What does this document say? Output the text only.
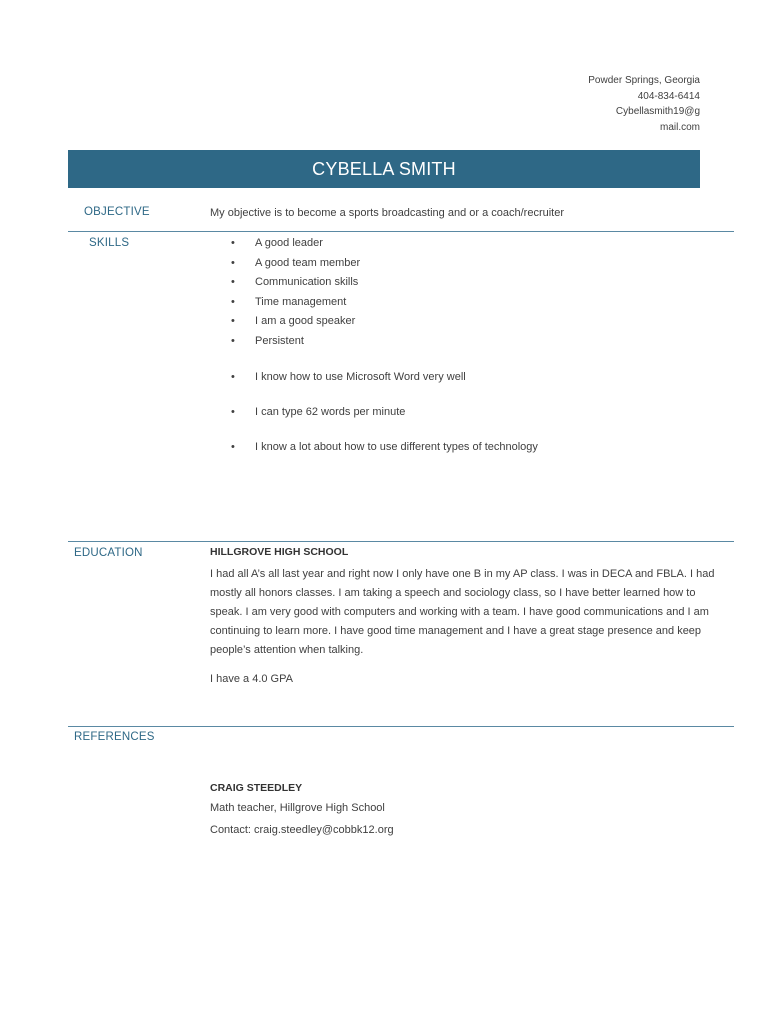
Powder Springs, Georgia
404-834-6414
Cybellasmith19@g
mail.com
CYBELLA SMITH
OBJECTIVE	My objective is to become a sports broadcasting and or a coach/recruiter
SKILLS
•	A good leader
• A good team member
• Communication skills
• Time management
• I am a good speaker
• Persistent
• I know how to use Microsoft Word very well
• I can type 62 words per minute
• I know a lot about how to use different types of technology
EDUCATION	HILLGROVE HIGH SCHOOL
I had all A’s all last year and right now I only have one B in my AP class. I was in DECA and FBLA. I had mostly all honors classes. I am taking a speech and sociology class, so I have better learned how to speak. I am very good with computers and working with a team. I have good communications and I am continuing to learn more. I have good time management and I have a great stage presence and keep people’s attention when talking.
I have a 4.0 GPA
REFERENCES
CRAIG STEEDLEY
Math teacher, Hillgrove High School
Contact: craig.steedley@cobbk12.org
